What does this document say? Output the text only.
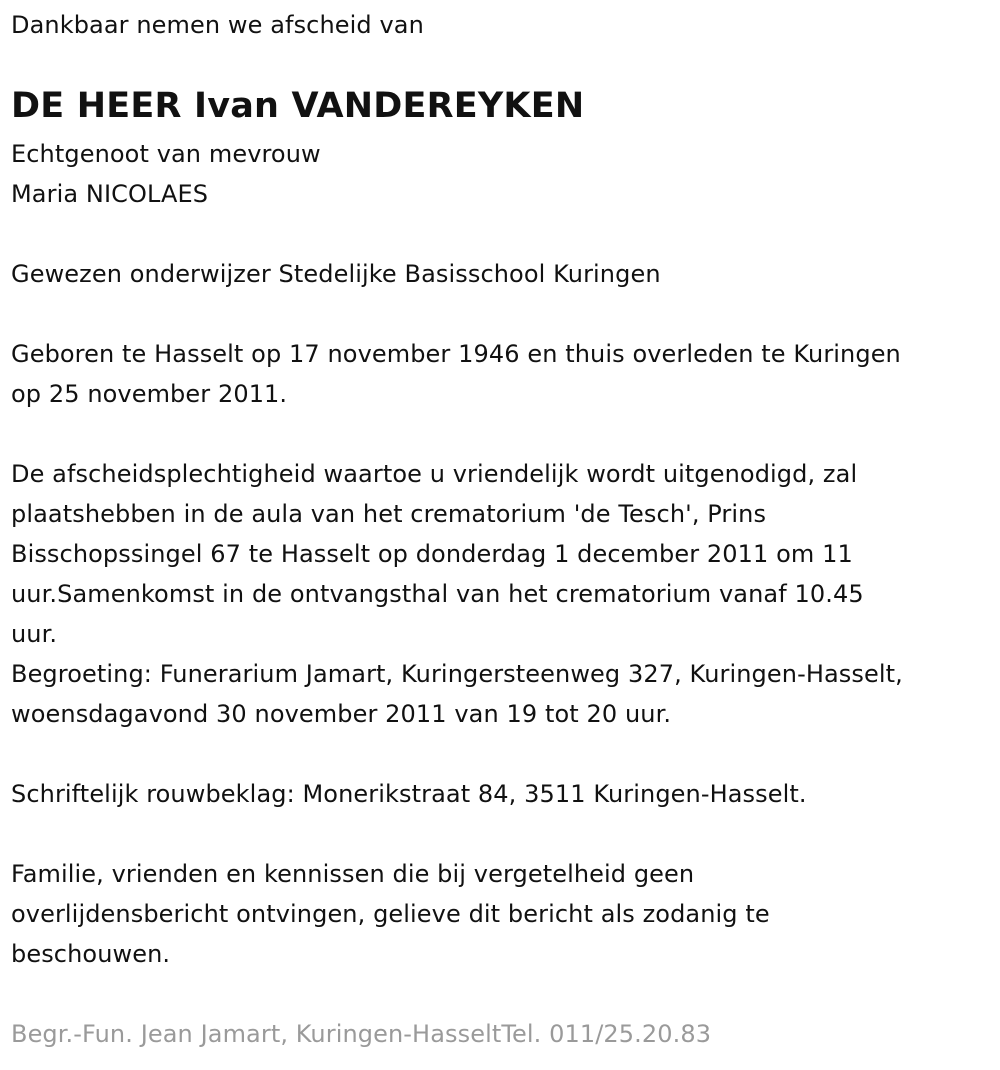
Dankbaar nemen we afscheid van
DE HEER Ivan VANDEREYKEN
Echtgenoot van mevrouw
Maria NICOLAES
Gewezen onderwijzer Stedelijke Basisschool Kuringen
Geboren te Hasselt op 17 november 1946 en thuis overleden te Kuringen
op 25 november 2011.
De afscheidsplechtigheid waartoe u vriendelijk wordt uitgenodigd, zal
plaatshebben in de aula van het crematorium 'de Tesch', Prins
Bisschopssingel 67 te Hasselt op donderdag 1 december 2011 om 11
uur.Samenkomst in de ontvangsthal van het crematorium vanaf 10.45
uur.
Begroeting: Funerarium Jamart, Kuringersteenweg 327, Kuringen-Hasselt,
woensdagavond 30 november 2011 van 19 tot 20 uur.
Schriftelijk rouwbeklag: Monerikstraat 84, 3511 Kuringen-Hasselt.
Familie, vrienden en kennissen die bij vergetelheid geen
overlijdensbericht ontvingen, gelieve dit bericht als zodanig te
beschouwen.
Begr.-Fun. Jean Jamart, Kuringen-HasseltTel. 011/25.20.83
